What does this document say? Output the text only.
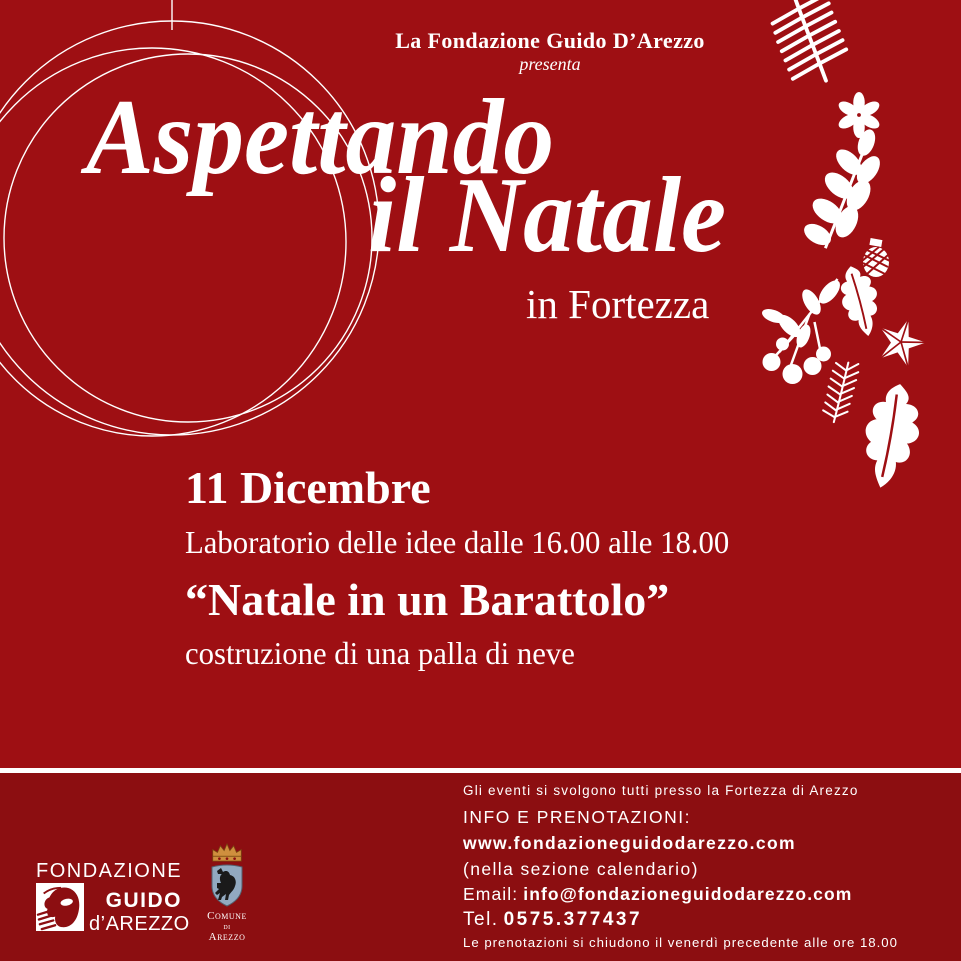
La Fondazione Guido D’Arezzo
presenta
Aspettando
il Natale
in Fortezza
11 Dicembre
Laboratorio delle idee dalle 16.00 alle 18.00
“Natale in un Barattolo”
costruzione di una palla di neve
FONDAZIONE
GUIDO
d’AREZZO	Comune
di
Arezzo
Gli eventi si svolgono tutti presso la Fortezza di Arezzo
INFO E PRENOTAZIONI:
www.fondazioneguidodarezzo.com
(nella sezione calendario)
Email: info@fondazioneguidodarezzo.com
Tel. 0575.377437
Le prenotazioni si chiudono il venerdì precedente alle ore 18.00
